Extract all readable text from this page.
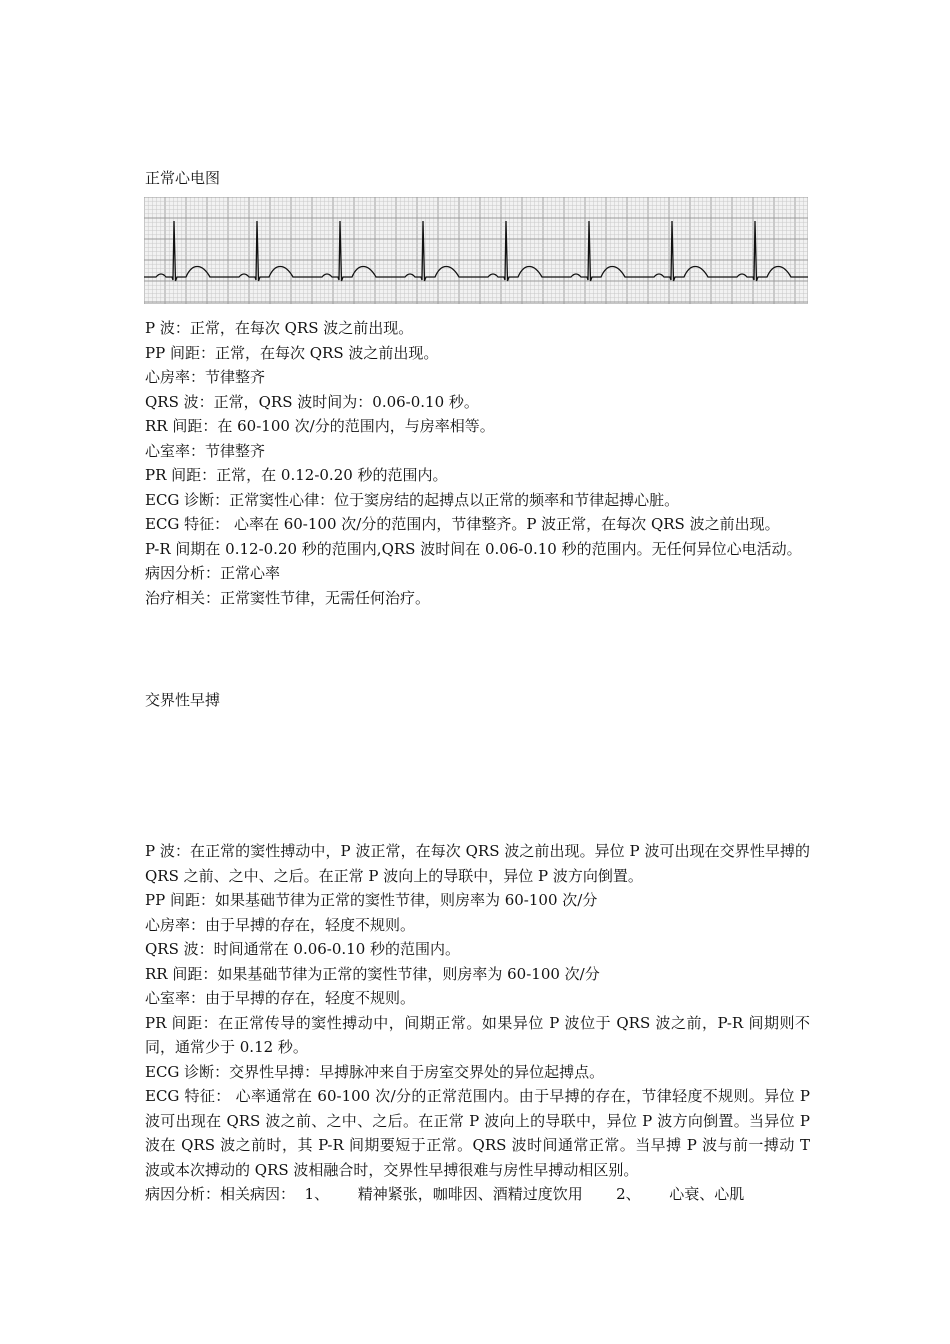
正常心电图

P 波：正常，在每次 QRS 波之前出现。

PP 间距：正常，在每次 QRS 波之前出现。

心房率：节律整齐

QRS 波：正常，QRS 波时间为：0.06-0.10 秒。

RR 间距：在 60-100 次/分的范围内，与房率相等。

心室率：节律整齐

PR 间距：正常，在 0.12-0.20 秒的范围内。

ECG 诊断：正常窦性心律：位于窦房结的起搏点以正常的频率和节律起搏心脏。

ECG 特征： 心率在 60-100 次/分的范围内，节律整齐。P 波正常，在每次 QRS 波之前出现。

P-R 间期在 0.12-0.20 秒的范围内,QRS 波时间在 0.06-0.10 秒的范围内。无任何异位心电活动。

病因分析：正常心率

治疗相关：正常窦性节律，无需任何治疗。

交界性早搏

P 波：在正常的窦性搏动中，P 波正常，在每次 QRS 波之前出现。异位 P 波可出现在交界性早搏的 QRS 之前、之中、之后。在正常 P 波向上的导联中，异位 P 波方向倒置。

PP 间距：如果基础节律为正常的窦性节律，则房率为 60-100 次/分

心房率：由于早搏的存在，轻度不规则。

QRS 波：时间通常在 0.06-0.10 秒的范围内。

RR 间距：如果基础节律为正常的窦性节律，则房率为 60-100 次/分

心室率：由于早搏的存在，轻度不规则。

PR 间距：在正常传导的窦性搏动中，间期正常。如果异位 P 波位于 QRS 波之前，P-R 间期则不同，通常少于 0.12 秒。

ECG 诊断：交界性早搏：早搏脉冲来自于房室交界处的异位起搏点。

ECG 特征： 心率通常在 60-100 次/分的正常范围内。由于早搏的存在，节律轻度不规则。异位 P 波可出现在 QRS 波之前、之中、之后。在正常 P 波向上的导联中，异位 P 波方向倒置。当异位 P 波在 QRS 波之前时，其 P-R 间期要短于正常。QRS 波时间通常正常。当早搏 P 波与前一搏动 T 波或本次搏动的 QRS 波相融合时，交界性早搏很难与房性早搏动相区别。

病因分析：相关病因：  1、      精神紧张，咖啡因、酒精过度饮用       2、      心衰、心肌
